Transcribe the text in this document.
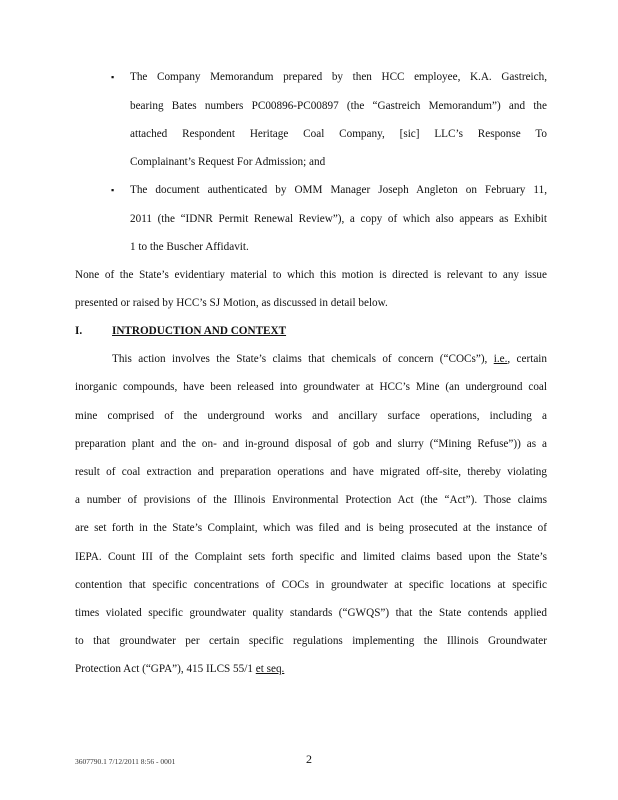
▪ The Company Memorandum prepared by then HCC employee, K.A. Gastreich,
bearing Bates numbers PC00896-PC00897 (the “Gastreich Memorandum”) and the
attached Respondent Heritage Coal Company, [sic] LLC’s Response To
Complainant’s Request For Admission; and
▪ The document authenticated by OMM Manager Joseph Angleton on February 11,
2011 (the “IDNR Permit Renewal Review”), a copy of which also appears as Exhibit
1 to the Buscher Affidavit.
None of the State’s evidentiary material to which this motion is directed is relevant to any issue
presented or raised by HCC’s SJ Motion, as discussed in detail below.
I.	INTRODUCTION AND CONTEXT
This action involves the State’s claims that chemicals of concern (“COCs”), i.e., certain
inorganic compounds, have been released into groundwater at HCC’s Mine (an underground coal
mine comprised of the underground works and ancillary surface operations, including a
preparation plant and the on- and in-ground disposal of gob and slurry (“Mining Refuse”)) as a
result of coal extraction and preparation operations and have migrated off-site, thereby violating
a number of provisions of the Illinois Environmental Protection Act (the “Act”). Those claims
are set forth in the State’s Complaint, which was filed and is being prosecuted at the instance of
IEPA. Count III of the Complaint sets forth specific and limited claims based upon the State’s
contention that specific concentrations of COCs in groundwater at specific locations at specific
times violated specific groundwater quality standards (“GWQS”) that the State contends applied
to that groundwater per certain specific regulations implementing the Illinois Groundwater
Protection Act (“GPA”), 415 ILCS 55/1 et seq.
3607790.1 7/12/2011 8:56 - 0001	2
